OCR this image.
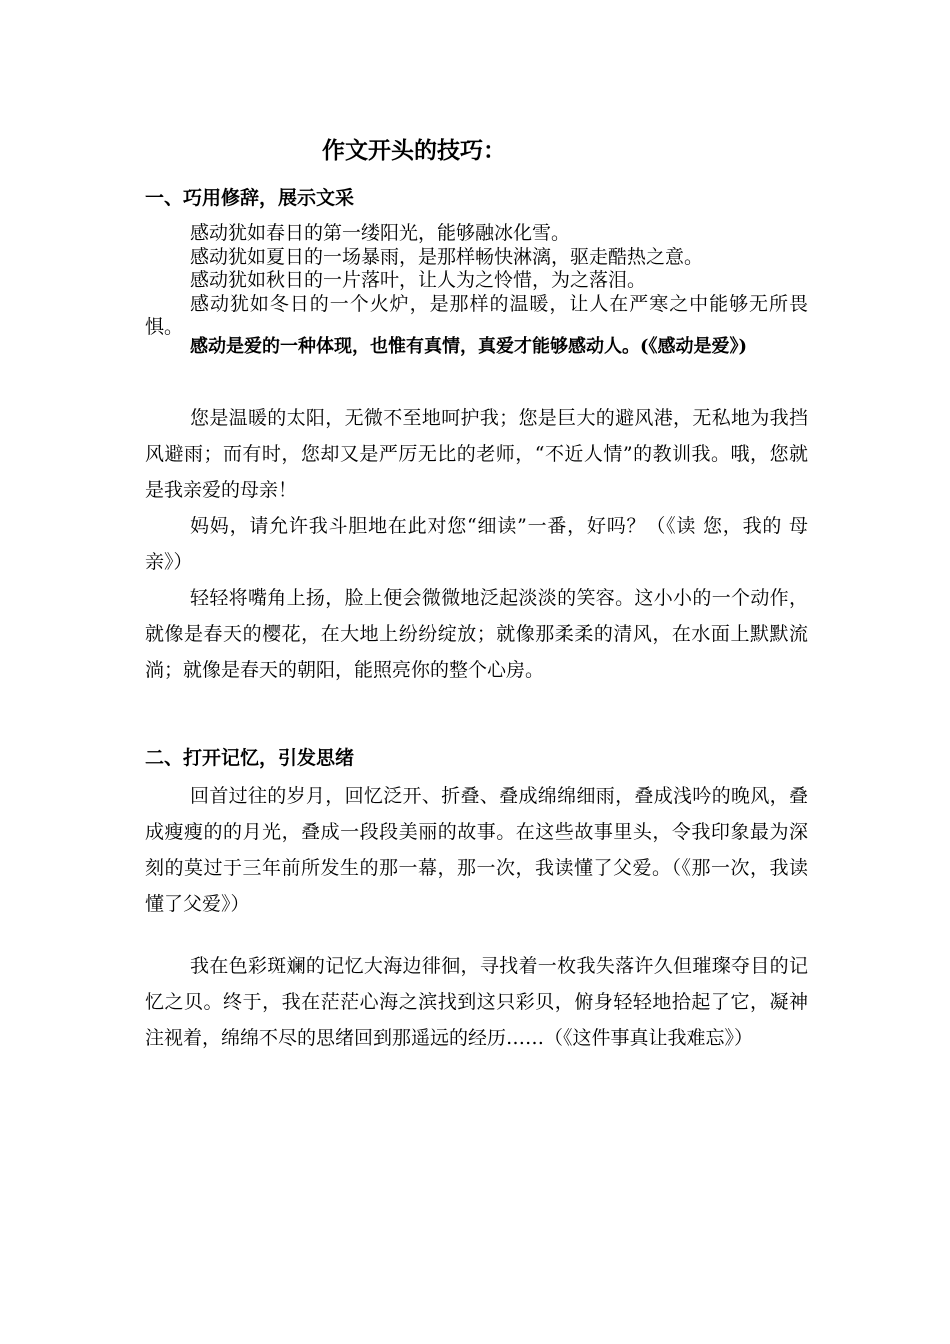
作文开头的技巧：
一、巧用修辞，展示文采

感动犹如春日的第一缕阳光，能够融冰化雪。

感动犹如夏日的一场暴雨，是那样畅快淋漓，驱走酷热之意。

感动犹如秋日的一片落叶，让人为之怜惜，为之落泪。

感动犹如冬日的一个火炉，是那样的温暖，让人在严寒之中能够无所畏惧。

感动是爱的一种体现，也惟有真情，真爱才能够感动人。(《感动是爱》)

您是温暖的太阳，无微不至地呵护我；您是巨大的避风港，无私地为我挡风避雨；而有时，您却又是严厉无比的老师，“不近人情”的教训我。哦，您就是我亲爱的母亲！

妈妈，请允许我斗胆地在此对您“细读”一番，好吗？（《读 您，我的 母 亲》）

轻轻将嘴角上扬，脸上便会微微地泛起淡淡的笑容。这小小的一个动作，就像是春天的樱花，在大地上纷纷绽放；就像那柔柔的清风，在水面上默默流淌；就像是春天的朝阳，能照亮你的整个心房。

二、打开记忆，引发思绪

回首过往的岁月，回忆泛开、折叠、叠成绵绵细雨，叠成浅吟的晚风，叠成瘦瘦的的月光，叠成一段段美丽的故事。在这些故事里头，令我印象最为深刻的莫过于三年前所发生的那一幕，那一次，我读懂了父爱。（《那一次，我读懂了父爱》）

我在色彩斑斓的记忆大海边徘徊，寻找着一枚我失落许久但璀璨夺目的记忆之贝。终于，我在茫茫心海之滨找到这只彩贝，俯身轻轻地拾起了它，凝神注视着，绵绵不尽的思绪回到那遥远的经历……（《这件事真让我难忘》）
